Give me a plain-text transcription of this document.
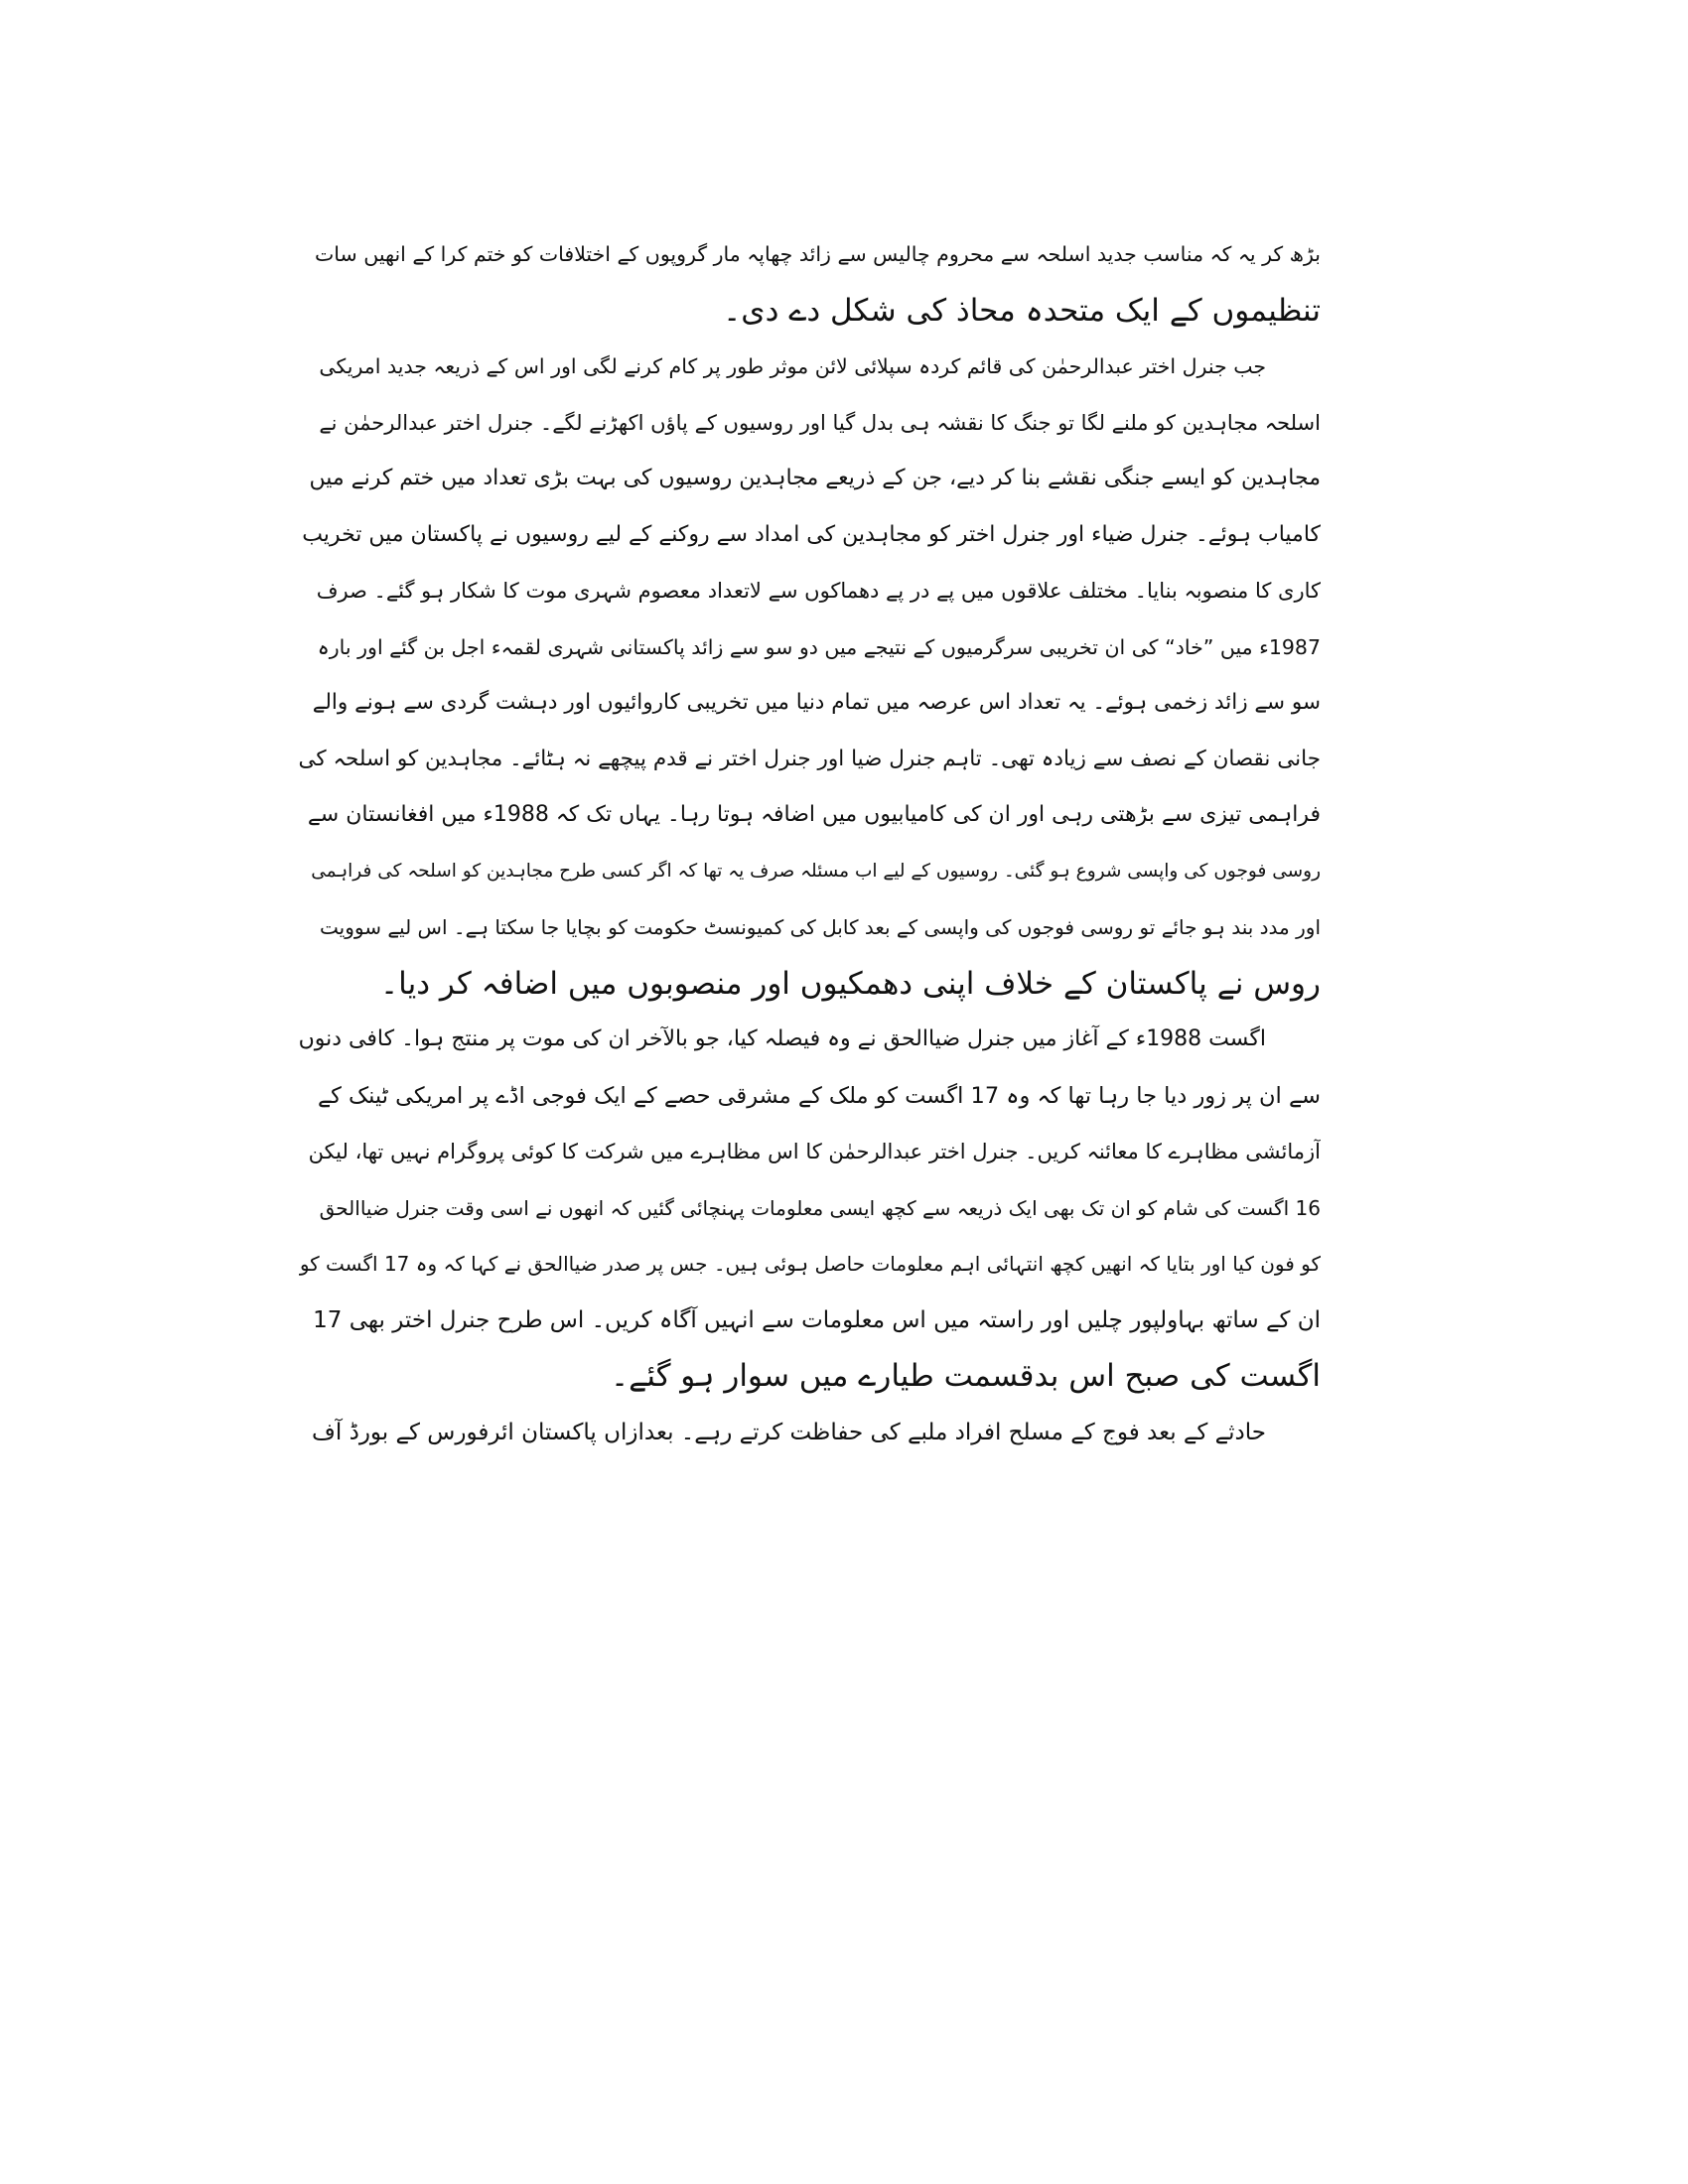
بڑھ کر یہ کہ مناسب جدید اسلحہ سے محروم چالیس سے زائد چھاپہ مار گروپوں کے اختلافات کو ختم کرا کے انھیں سات
تنظیموں کے ایک متحدہ محاذ کی شکل دے دی۔
جب جنرل اختر عبدالرحمٰن کی قائم کردہ سپلائی لائن موثر طور پر کام کرنے لگی اور اس کے ذریعہ جدید امریکی
اسلحہ مجاہدین کو ملنے لگا تو جنگ کا نقشہ ہی بدل گیا اور روسیوں کے پاؤں اکھڑنے لگے۔ جنرل اختر عبدالرحمٰن نے
مجاہدین کو ایسے جنگی نقشے بنا کر دیے، جن کے ذریعے مجاہدین روسیوں کی بہت بڑی تعداد میں ختم کرنے میں
کامیاب ہوئے۔ جنرل ضیاء اور جنرل اختر کو مجاہدین کی امداد سے روکنے کے لیے روسیوں نے پاکستان میں تخریب
کاری کا منصوبہ بنایا۔ مختلف علاقوں میں پے در پے دھماکوں سے لاتعداد معصوم شہری موت کا شکار ہو گئے۔ صرف
1987ء میں ”خاد“ کی ان تخریبی سرگرمیوں کے نتیجے میں دو سو سے زائد پاکستانی شہری لقمہء اجل بن گئے اور بارہ
سو سے زائد زخمی ہوئے۔ یہ تعداد اس عرصہ میں تمام دنیا میں تخریبی کاروائیوں اور دہشت گردی سے ہونے والے
جانی نقصان کے نصف سے زیادہ تھی۔ تاہم جنرل ضیا اور جنرل اختر نے قدم پیچھے نہ ہٹائے۔ مجاہدین کو اسلحہ کی
فراہمی تیزی سے بڑھتی رہی اور ان کی کامیابیوں میں اضافہ ہوتا رہا۔ یہاں تک کہ 1988ء میں افغانستان سے
روسی فوجوں کی واپسی شروع ہو گئی۔ روسیوں کے لیے اب مسئلہ صرف یہ تھا کہ اگر کسی طرح مجاہدین کو اسلحہ کی فراہمی
اور مدد بند ہو جائے تو روسی فوجوں کی واپسی کے بعد کابل کی کمیونسٹ حکومت کو بچایا جا سکتا ہے۔ اس لیے سوویت
روس نے پاکستان کے خلاف اپنی دھمکیوں اور منصوبوں میں اضافہ کر دیا۔
اگست 1988ء کے آغاز میں جنرل ضیاالحق نے وہ فیصلہ کیا، جو بالآخر ان کی موت پر منتج ہوا۔ کافی دنوں
سے ان پر زور دیا جا رہا تھا کہ وہ 17 اگست کو ملک کے مشرقی حصے کے ایک فوجی اڈے پر امریکی ٹینک کے
آزمائشی مظاہرے کا معائنہ کریں۔ جنرل اختر عبدالرحمٰن کا اس مظاہرے میں شرکت کا کوئی پروگرام نہیں تھا، لیکن
16 اگست کی شام کو ان تک بھی ایک ذریعہ سے کچھ ایسی معلومات پہنچائی گئیں کہ انھوں نے اسی وقت جنرل ضیاالحق
کو فون کیا اور بتایا کہ انھیں کچھ انتہائی اہم معلومات حاصل ہوئی ہیں۔ جس پر صدر ضیاالحق نے کہا کہ وہ 17 اگست کو
ان کے ساتھ بہاولپور چلیں اور راستہ میں اس معلومات سے انہیں آگاہ کریں۔ اس طرح جنرل اختر بھی 17
اگست کی صبح اس بدقسمت طیارے میں سوار ہو گئے۔
حادثے کے بعد فوج کے مسلح افراد ملبے کی حفاظت کرتے رہے۔ بعدازاں پاکستان ائرفورس کے بورڈ آف
